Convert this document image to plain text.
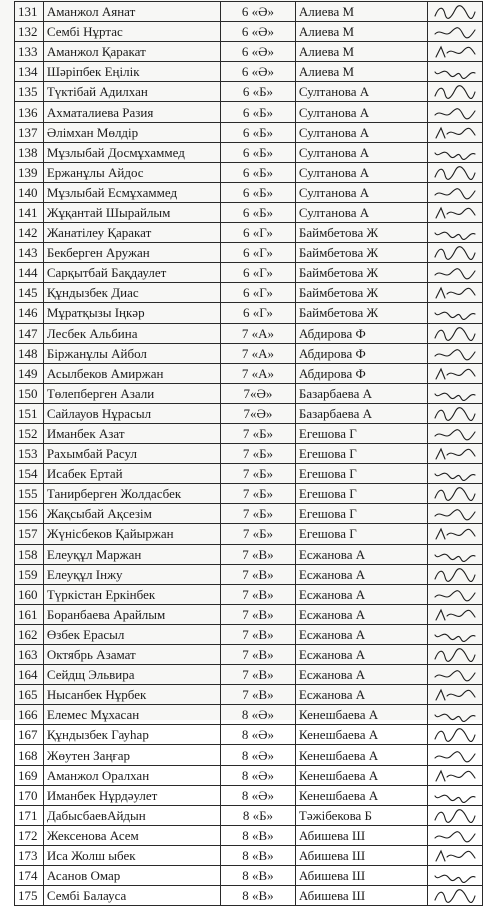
131	Аманжол Аянат	6 «Ә»	Алиева М	

132	Сембі Нұртас	6 «Ә»	Алиева М	

133	Аманжол Қаракат	6 «Ә»	Алиева М	

134	Шәріпбек Еңілік	6 «Ә»	Алиева М	

135	Түктібай Адилхан	6 «Б»	Султанова А	

136	Ахматалиева Разия	6 «Б»	Султанова А	

137	Әлімхан Мөлдір	6 «Б»	Султанова А	

138	Мұзлыбай Досмұхаммед	6 «Б»	Султанова А	

139	Ержанұлы Айдос	6 «Б»	Султанова А	

140	Мұзлыбай Есмұхаммед	6 «Б»	Султанова А	

141	Жұқантай Шырайлым	6 «Б»	Султанова А	

142	Жанатілеу Қаракат	6 «Г»	Баймбетова Ж	

143	Бекберген Аружан	6 «Г»	Баймбетова Ж	

144	Сарқытбай Бақдаулет	6 «Г»	Баймбетова Ж	

145	Құндызбек Диас	6 «Г»	Баймбетова Ж	

146	Мұратқызы Іңкәр	6 «Г»	Баймбетова Ж	

147	Лесбек Альбина	7 «А»	Абдирова Ф	

148	Біржанұлы Айбол	7 «А»	Абдирова Ф	

149	Асылбеков Амиржан	7 «А»	Абдирова Ф	

150	Төлепберген Азали	7«Ә»	Базарбаева А	

151	Сайлауов Нұрасыл	7«Ә»	Базарбаева А	

152	Иманбек Азат	7 «Б»	Егешова Г	

153	Рахымбай Расул	7 «Б»	Егешова Г	

154	Исабек Ертай	7 «Б»	Егешова Г	

155	Танирберген Жолдасбек	7 «Б»	Егешова Г	

156	Жақсыбай Ақсезім	7 «Б»	Егешова Г	

157	Жүнісбеков Қайыржан	7 «Б»	Егешова Г	

158	Елеуқұл Маржан	7 «В»	Есжанова А	

159	Елеуқұл Інжу	7 «В»	Есжанова А	

160	Түркістан Еркінбек	7 «В»	Есжанова А	

161	Боранбаева Арайлым	7 «В»	Есжанова А	

162	Өзбек Ерасыл	7 «В»	Есжанова А	

163	Октябрь Азамат	7 «В»	Есжанова А	

164	Сейдщ Эльвира	7 «В»	Есжанова А	

165	Нысанбек Нұрбек	7 «В»	Есжанова А	

166	Елемес Мұхасан	8 «Ә»	Кенешбаева А	

167	Құндызбек Гауһар	8 «Ә»	Кенешбаева А	

168	Жөутен Заңғар	8 «Ә»	Кенешбаева А	

169	Аманжол Оралхан	8 «Ә»	Кенешбаева А	

170	Иманбек Нұрдәулет	8 «Ә»	Кенешбаева А	

171	ДабысбаевАйдын	8 «Б»	Тәжібекова Б	

172	Жексенова Асем	8 «В»	Абишева Ш	

173	Иса Жолш ыбек	8 «В»	Абишева Ш	

174	Асанов Омар	8 «В»	Абишева Ш	

175	Сембі Балауса	8 «В»	Абишева Ш	
